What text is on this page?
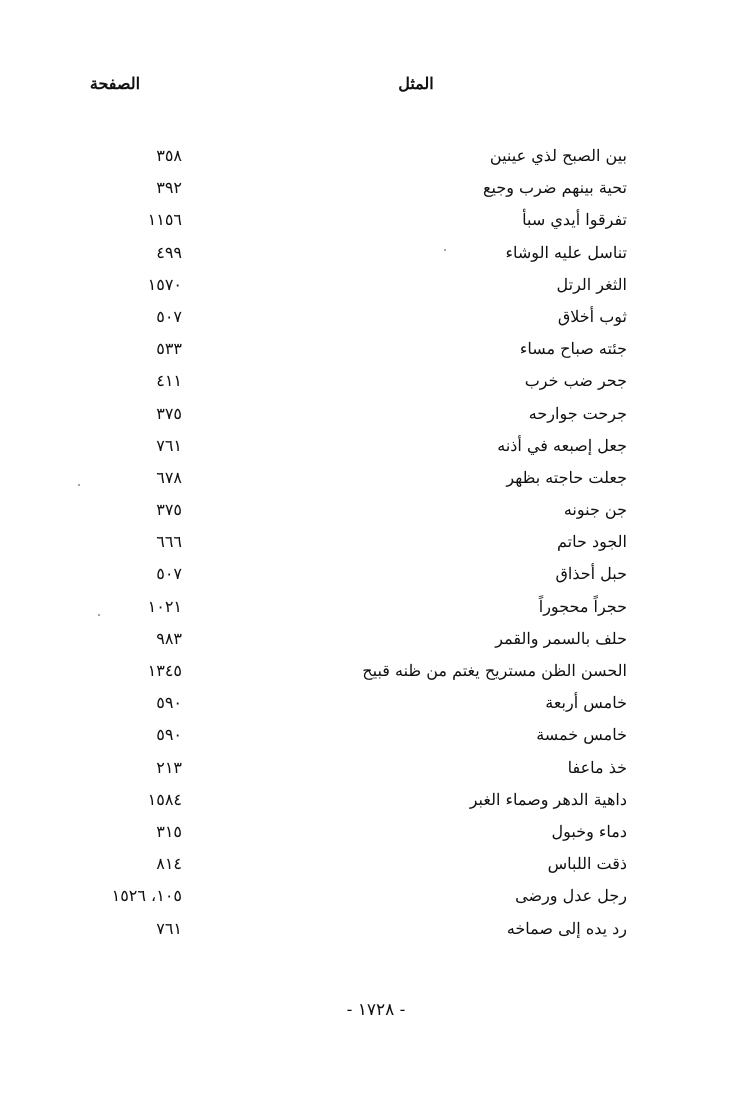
المثل
الصفحة
بين الصبح لذي عينين
٣٥٨
تحية بينهم ضرب وجيع
٣٩٢
تفرقوا أيدي سبأ
١١٥٦
تناسل عليه الوشاء
٤٩٩
الثغر الرتل
١٥٧٠
ثوب أخلاق
٥٠٧
جئته صباح مساء
٥٣٣
جحر ضب خرب
٤١١
جرحت جوارحه
٣٧٥
جعل إصبعه في أذنه
٧٦١
جعلت حاجته بظهر
٦٧٨
جن جنونه
٣٧٥
الجود حاتم
٦٦٦
حبل أحذاق
٥٠٧
حجراً محجوراً
١٠٢١
حلف بالسمر والقمر
٩٨٣
الحسن الظن مستريح يغتم من ظنه قبيح
١٣٤٥
خامس أربعة
٥٩٠
خامس خمسة
٥٩٠
خذ ماعفا
٢١٣
داهية الدهر وصماء الغبر
١٥٨٤
دماء وخبول
٣١٥
ذقت اللباس
٨١٤
رجل عدل ورضى
١٠٥، ١٥٢٦
رد يده إلى صماخه
٧٦١
- ١٧٢٨ -
